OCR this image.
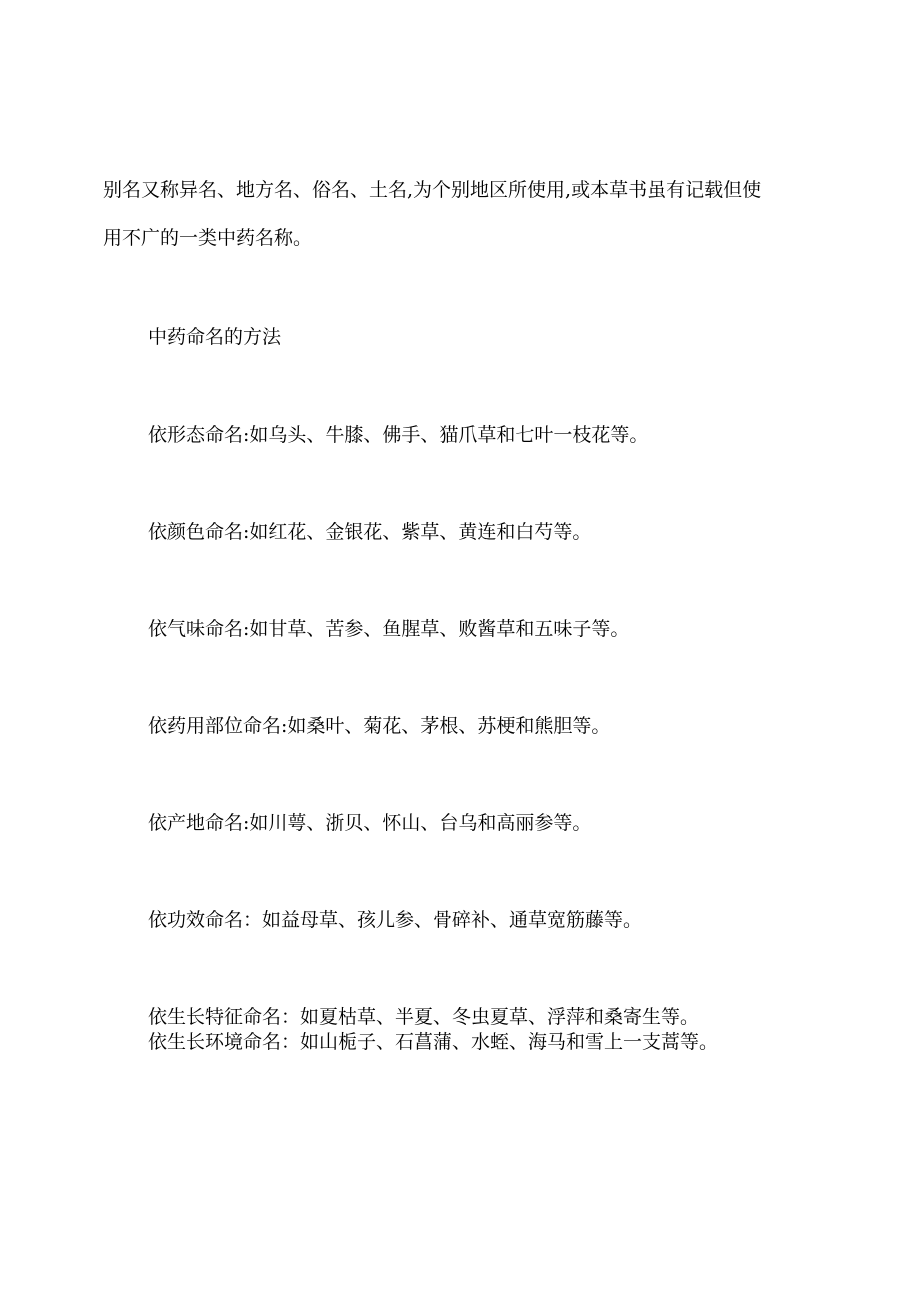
别名又称异名、地方名、俗名、土名,为个别地区所使用,或本草书虽有记载但使

用不广的一类中药名称。

中药命名的方法

依形态命名:如乌头、牛膝、佛手、猫爪草和七叶一枝花等。

依颜色命名:如红花、金银花、紫草、黄连和白芍等。

依气味命名:如甘草、苦参、鱼腥草、败酱草和五味子等。

依药用部位命名:如桑叶、菊花、茅根、苏梗和熊胆等。

依产地命名:如川萼、浙贝、怀山、台乌和高丽参等。

依功效命名：如益母草、孩儿参、骨碎补、通草宽筋藤等。

依生长特征命名：如夏枯草、半夏、冬虫夏草、浮萍和桑寄生等。

依生长环境命名：如山栀子、石菖蒲、水蛭、海马和雪上一支蒿等。
